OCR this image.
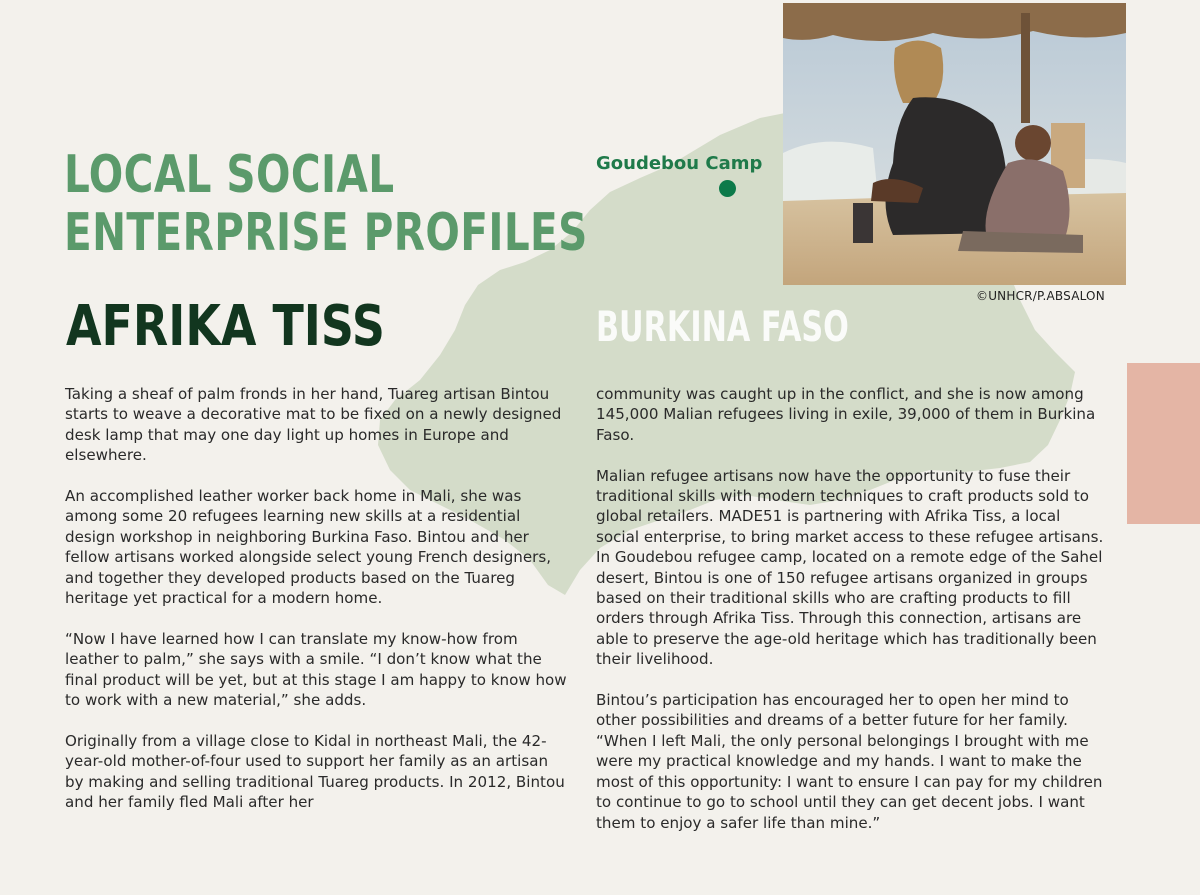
©UNHCR/P.ABSALON
Goudebou Camp
BURKINA FASO
LOCAL SOCIAL
ENTERPRISE PROFILES
AFRIKA TISS

Taking a sheaf of palm fronds in her hand, Tuareg artisan Bintou starts to weave a decorative mat to be fixed on a newly designed desk lamp that may one day light up homes in Europe and elsewhere.

An accomplished leather worker back home in Mali, she was among some 20 refugees learning new skills at a residential design workshop in neighboring Burkina Faso. Bintou and her fellow artisans worked alongside select young French designers, and together they developed products based on the Tuareg heritage yet practical for a modern home.

“Now I have learned how I can translate my know-how from leather to palm,” she says with a smile. “I don’t know what the final product will be yet, but at this stage I am happy to know how to work with a new material,” she adds.

Originally from a village close to Kidal in northeast Mali, the 42-year-old mother-of-four used to support her family as an artisan by making and selling traditional Tuareg products. In 2012, Bintou and her family fled Mali after her

community was caught up in the conflict, and she is now among 145,000 Malian refugees living in exile, 39,000 of them in Burkina Faso.

Malian refugee artisans now have the opportunity to fuse their traditional skills with modern techniques to craft products sold to global retailers. MADE51 is partnering with Afrika Tiss, a local social enterprise, to bring market access to these refugee artisans. In Goudebou refugee camp, located on a remote edge of the Sahel desert, Bintou is one of 150 refugee artisans organized in groups based on their traditional skills who are crafting products to fill orders through Afrika Tiss. Through this connection, artisans are able to preserve the age-old heritage which has traditionally been their livelihood.

Bintou’s participation has encouraged her to open her mind to other possibilities and dreams of a better future for her family. “When I left Mali, the only personal belongings I brought with me were my practical knowledge and my hands. I want to make the most of this opportunity: I want to ensure I can pay for my children to continue to go to school until they can get decent jobs. I want them to enjoy a safer life than mine.”
